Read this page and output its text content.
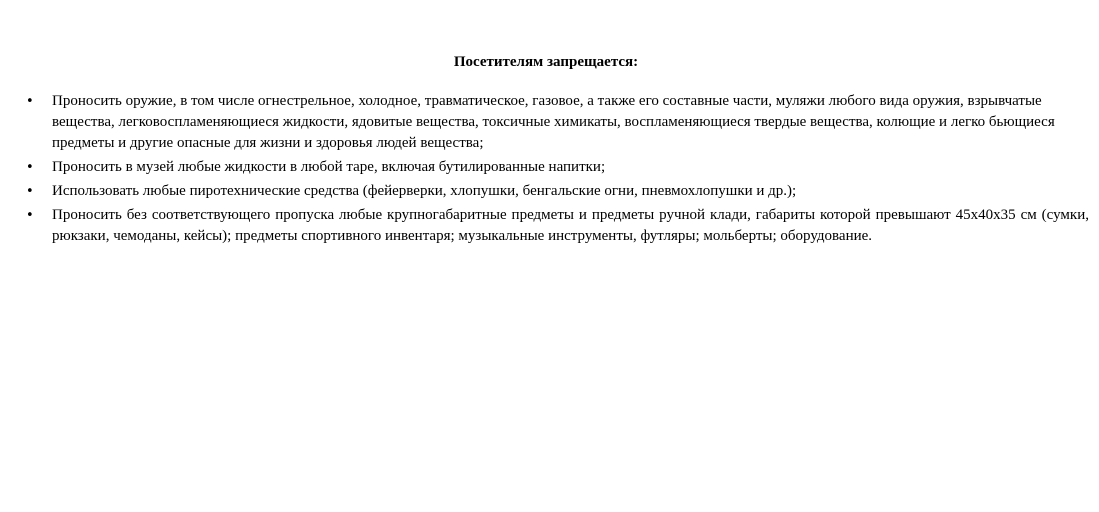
Посетителям запрещается:
• Проносить оружие, в том числе огнестрельное, холодное, травматическое, газовое, а также его составные части, муляжи любого вида оружия, взрывчатые вещества, легковоспламеняющиеся жидкости, ядовитые вещества, токсичные химикаты, воспламеняющиеся твердые вещества, колющие и легко бьющиеся предметы и другие опасные для жизни и здоровья людей вещества;
• Проносить в музей любые жидкости в любой таре, включая бутилированные напитки;
• Использовать любые пиротехнические средства (фейерверки, хлопушки, бенгальские огни, пневмохлопушки и др.);
• Проносить без соответствующего пропуска любые крупногабаритные предметы и предметы ручной клади, габариты которой превышают 45х40х35 см (сумки, рюкзаки, чемоданы, кейсы); предметы спортивного инвентаря; музыкальные инструменты, футляры; мольберты; оборудование.
